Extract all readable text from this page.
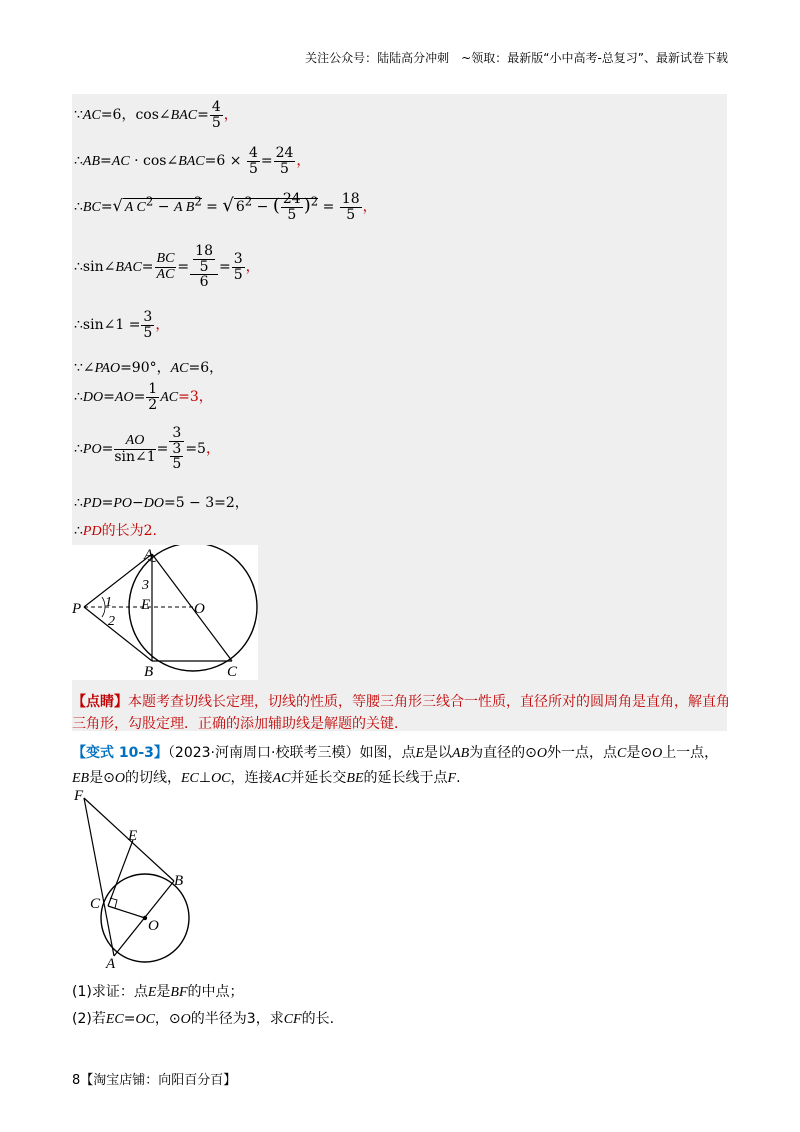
关注公众号：陆陆高分冲刺　~领取：最新版“小中高考-总复习”、最新试卷下载
∵AC=6，cos∠BAC= $\frac{4}{5}$ ，
∴AB=AC · cos∠BAC=6 × $\frac{4}{5} = \frac{24}{5}$ ，
∴BC=√ A $C^2 - A$ $B^2$ = √ $6^2$ − ( $\frac{24}{5} )^2 = \frac{18}{5}$ ，
∴sin∠BAC= $\frac{BC}{AC} = \frac{\frac{18}{5}}{6} = \frac{3}{5}$ ，
∴sin∠1 = $\frac{3}{5}$ ，
∵∠PAO=90°，AC=6，
∴DO=AO= $\frac{1}{2} AC=3$，
∴PO= $\frac{AO}{\sin\angle 1} = 3$
3
5 =5，
∴PD=PO−DO=5 − 3=2，
∴PD的长为2.
A
B	C
P	E	O
1
2
3
【点睛】本题考查切线长定理，切线的性质，等腰三角形三线合一性质，直径所对的圆周角是直角，解直角三角形，勾股定理．正确的添加辅助线是解题的关键．
【变式 10-3】（2023·河南周口·校联考三模）如图，点E是以AB为直径的⊙O外一点，点C是⊙O上一点，
EB是⊙O的切线，EC⊥OC，连接AC并延长交BE的延长线于点F.
F
E
B
C
O
A
(1)求证：点E是BF的中点；
(2)若EC=OC，⊙O的半径为3，求CF的长.
8【淘宝店铺：向阳百分百】
